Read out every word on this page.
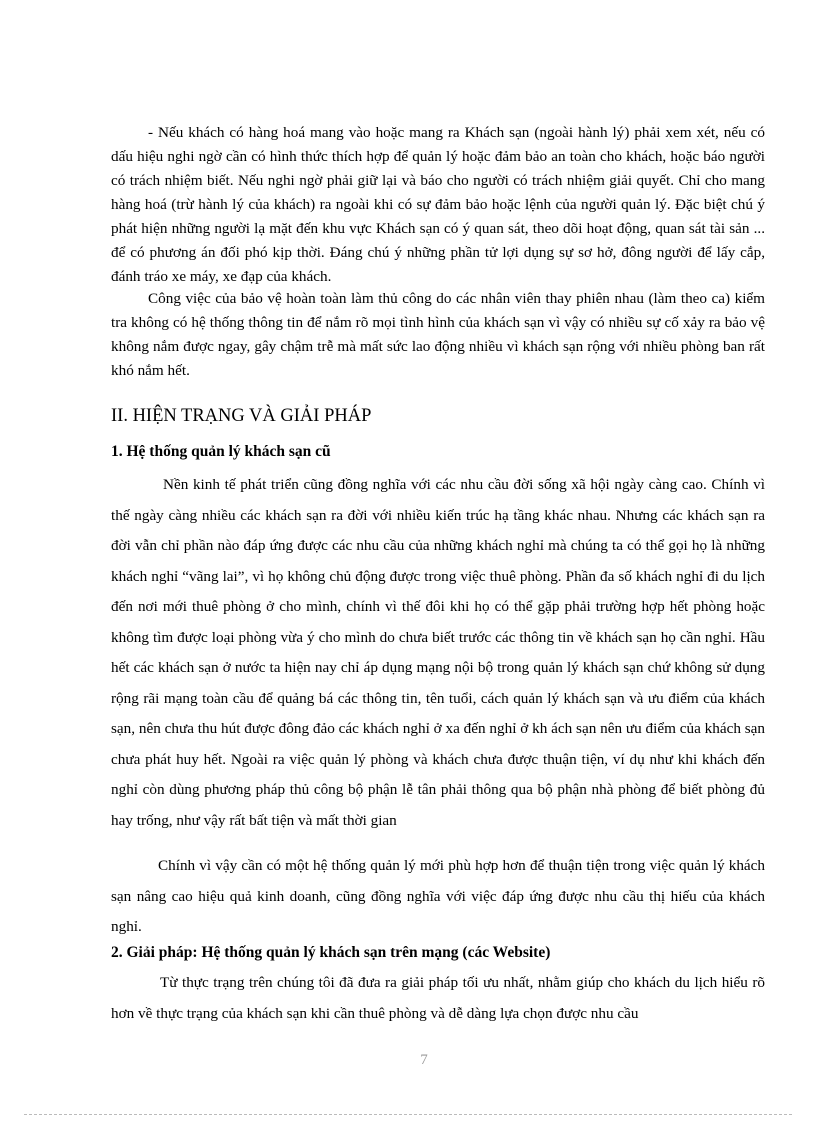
- Nếu khách có hàng hoá mang vào hoặc mang ra Khách sạn (ngoài hành lý) phải xem xét, nếu có dấu hiệu nghi ngờ cần có hình thức thích hợp để quản lý hoặc đảm bảo an toàn cho khách, hoặc báo người có trách nhiệm biết. Nếu nghi ngờ phải giữ lại và báo cho người có trách nhiệm giải quyết. Chỉ cho mang hàng hoá (trừ hành lý của khách) ra ngoài khi có sự đảm bảo hoặc lệnh của người quản lý. Đặc biệt chú ý phát hiện những người lạ mặt đến khu vực Khách sạn có ý quan sát, theo dõi hoạt động, quan sát tài sản ... để có phương án đối phó kịp thời. Đáng chú ý những phần tử lợi dụng sự sơ hở, đông người để lấy cắp, đánh tráo xe máy, xe đạp của khách.

Công việc của bảo vệ hoàn toàn làm thủ công do các nhân viên thay phiên nhau (làm theo ca) kiểm tra không có hệ thống thông tin để nắm rõ mọi tình hình của khách sạn vì vậy có nhiều sự cố xảy ra bảo vệ không nắm được ngay, gây chậm trễ mà mất sức lao động nhiều vì khách sạn rộng với nhiều phòng ban rất khó nắm hết.

II. HIỆN TRẠNG VÀ GIẢI PHÁP
1. Hệ thống quản lý khách sạn cũ

Nền kinh tế phát triển cũng đồng nghĩa với các nhu cầu đời sống xã hội ngày càng cao. Chính vì thế ngày càng nhiều các khách sạn ra đời với nhiều kiến trúc hạ tầng khác nhau. Nhưng các khách sạn ra đời vẫn chỉ phần nào đáp ứng được các nhu cầu của những khách nghỉ mà chúng ta có thể gọi họ là những khách nghỉ “vãng lai”, vì họ không chủ động được trong việc thuê phòng. Phần đa số khách nghỉ đi du lịch đến nơi mới thuê phòng ở cho mình, chính vì thế đôi khi họ có thể gặp phải trường hợp hết phòng hoặc không tìm được loại phòng vừa ý cho mình do chưa biết trước các thông tin về khách sạn họ cần nghỉ. Hầu hết các khách sạn ở nước ta hiện nay chỉ áp dụng mạng nội bộ trong quản lý khách sạn chứ không sử dụng rộng rãi mạng toàn cầu để quảng bá các thông tin, tên tuổi, cách quản lý khách sạn và ưu điểm của khách sạn, nên chưa thu hút được đông đảo các khách nghỉ ở xa đến nghỉ ở kh ách sạn nên ưu điểm của khách sạn chưa phát huy hết. Ngoài ra việc quản lý phòng và khách chưa được thuận tiện, ví dụ như khi khách đến nghỉ còn dùng phương pháp thủ công bộ phận lễ tân phải thông qua bộ phận nhà phòng để biết phòng đủ hay trống, như vậy rất bất tiện và mất thời gian

Chính vì vậy cần có một hệ thống quản lý mới phù hợp hơn để thuận tiện trong việc quản lý khách sạn nâng cao hiệu quả kinh doanh, cũng đồng nghĩa với việc đáp ứng được nhu cầu thị hiếu của khách nghỉ.

2. Giải pháp: Hệ thống quản lý khách sạn trên mạng (các Website)

Từ thực trạng trên chúng tôi đã đưa ra giải pháp tối ưu nhất, nhằm giúp cho khách du lịch hiểu rõ hơn về thực trạng của khách sạn khi cần thuê phòng và dễ dàng lựa chọn được nhu cầu

7
